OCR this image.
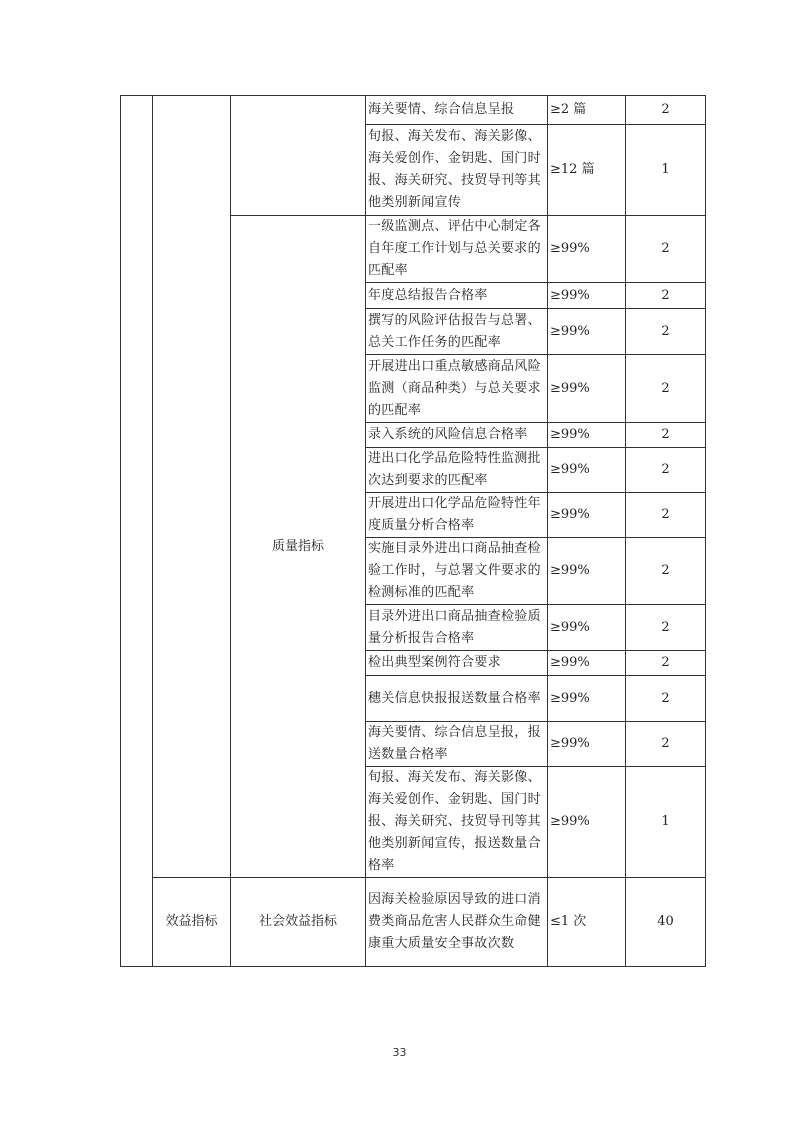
			海关要情、综合信息呈报	≥2 篇	2
			旬报、海关发布、海关影像、海关爱创作、金钥匙、国门时报、海关研究、技贸导刊等其他类别新闻宣传	≥12 篇	1
		质量指标	一级监测点、评估中心制定各自年度工作计划与总关要求的匹配率	≥99%	2
			年度总结报告合格率	≥99%	2
			撰写的风险评估报告与总署、总关工作任务的匹配率	≥99%	2
			开展进出口重点敏感商品风险监测（商品种类）与总关要求的匹配率	≥99%	2
			录入系统的风险信息合格率	≥99%	2
			进出口化学品危险特性监测批次达到要求的匹配率	≥99%	2
			开展进出口化学品危险特性年度质量分析合格率	≥99%	2
			实施目录外进出口商品抽查检验工作时，与总署文件要求的检测标准的匹配率	≥99%	2
			目录外进出口商品抽查检验质量分析报告合格率	≥99%	2
			检出典型案例符合要求	≥99%	2
			穗关信息快报报送数量合格率	≥99%	2
			海关要情、综合信息呈报，报送数量合格率	≥99%	2
			旬报、海关发布、海关影像、海关爱创作、金钥匙、国门时报、海关研究、技贸导刊等其他类别新闻宣传，报送数量合格率	≥99%	1
	效益指标	社会效益指标	因海关检验原因导致的进口消费类商品危害人民群众生命健康重大质量安全事故次数	≤1 次	40
33
